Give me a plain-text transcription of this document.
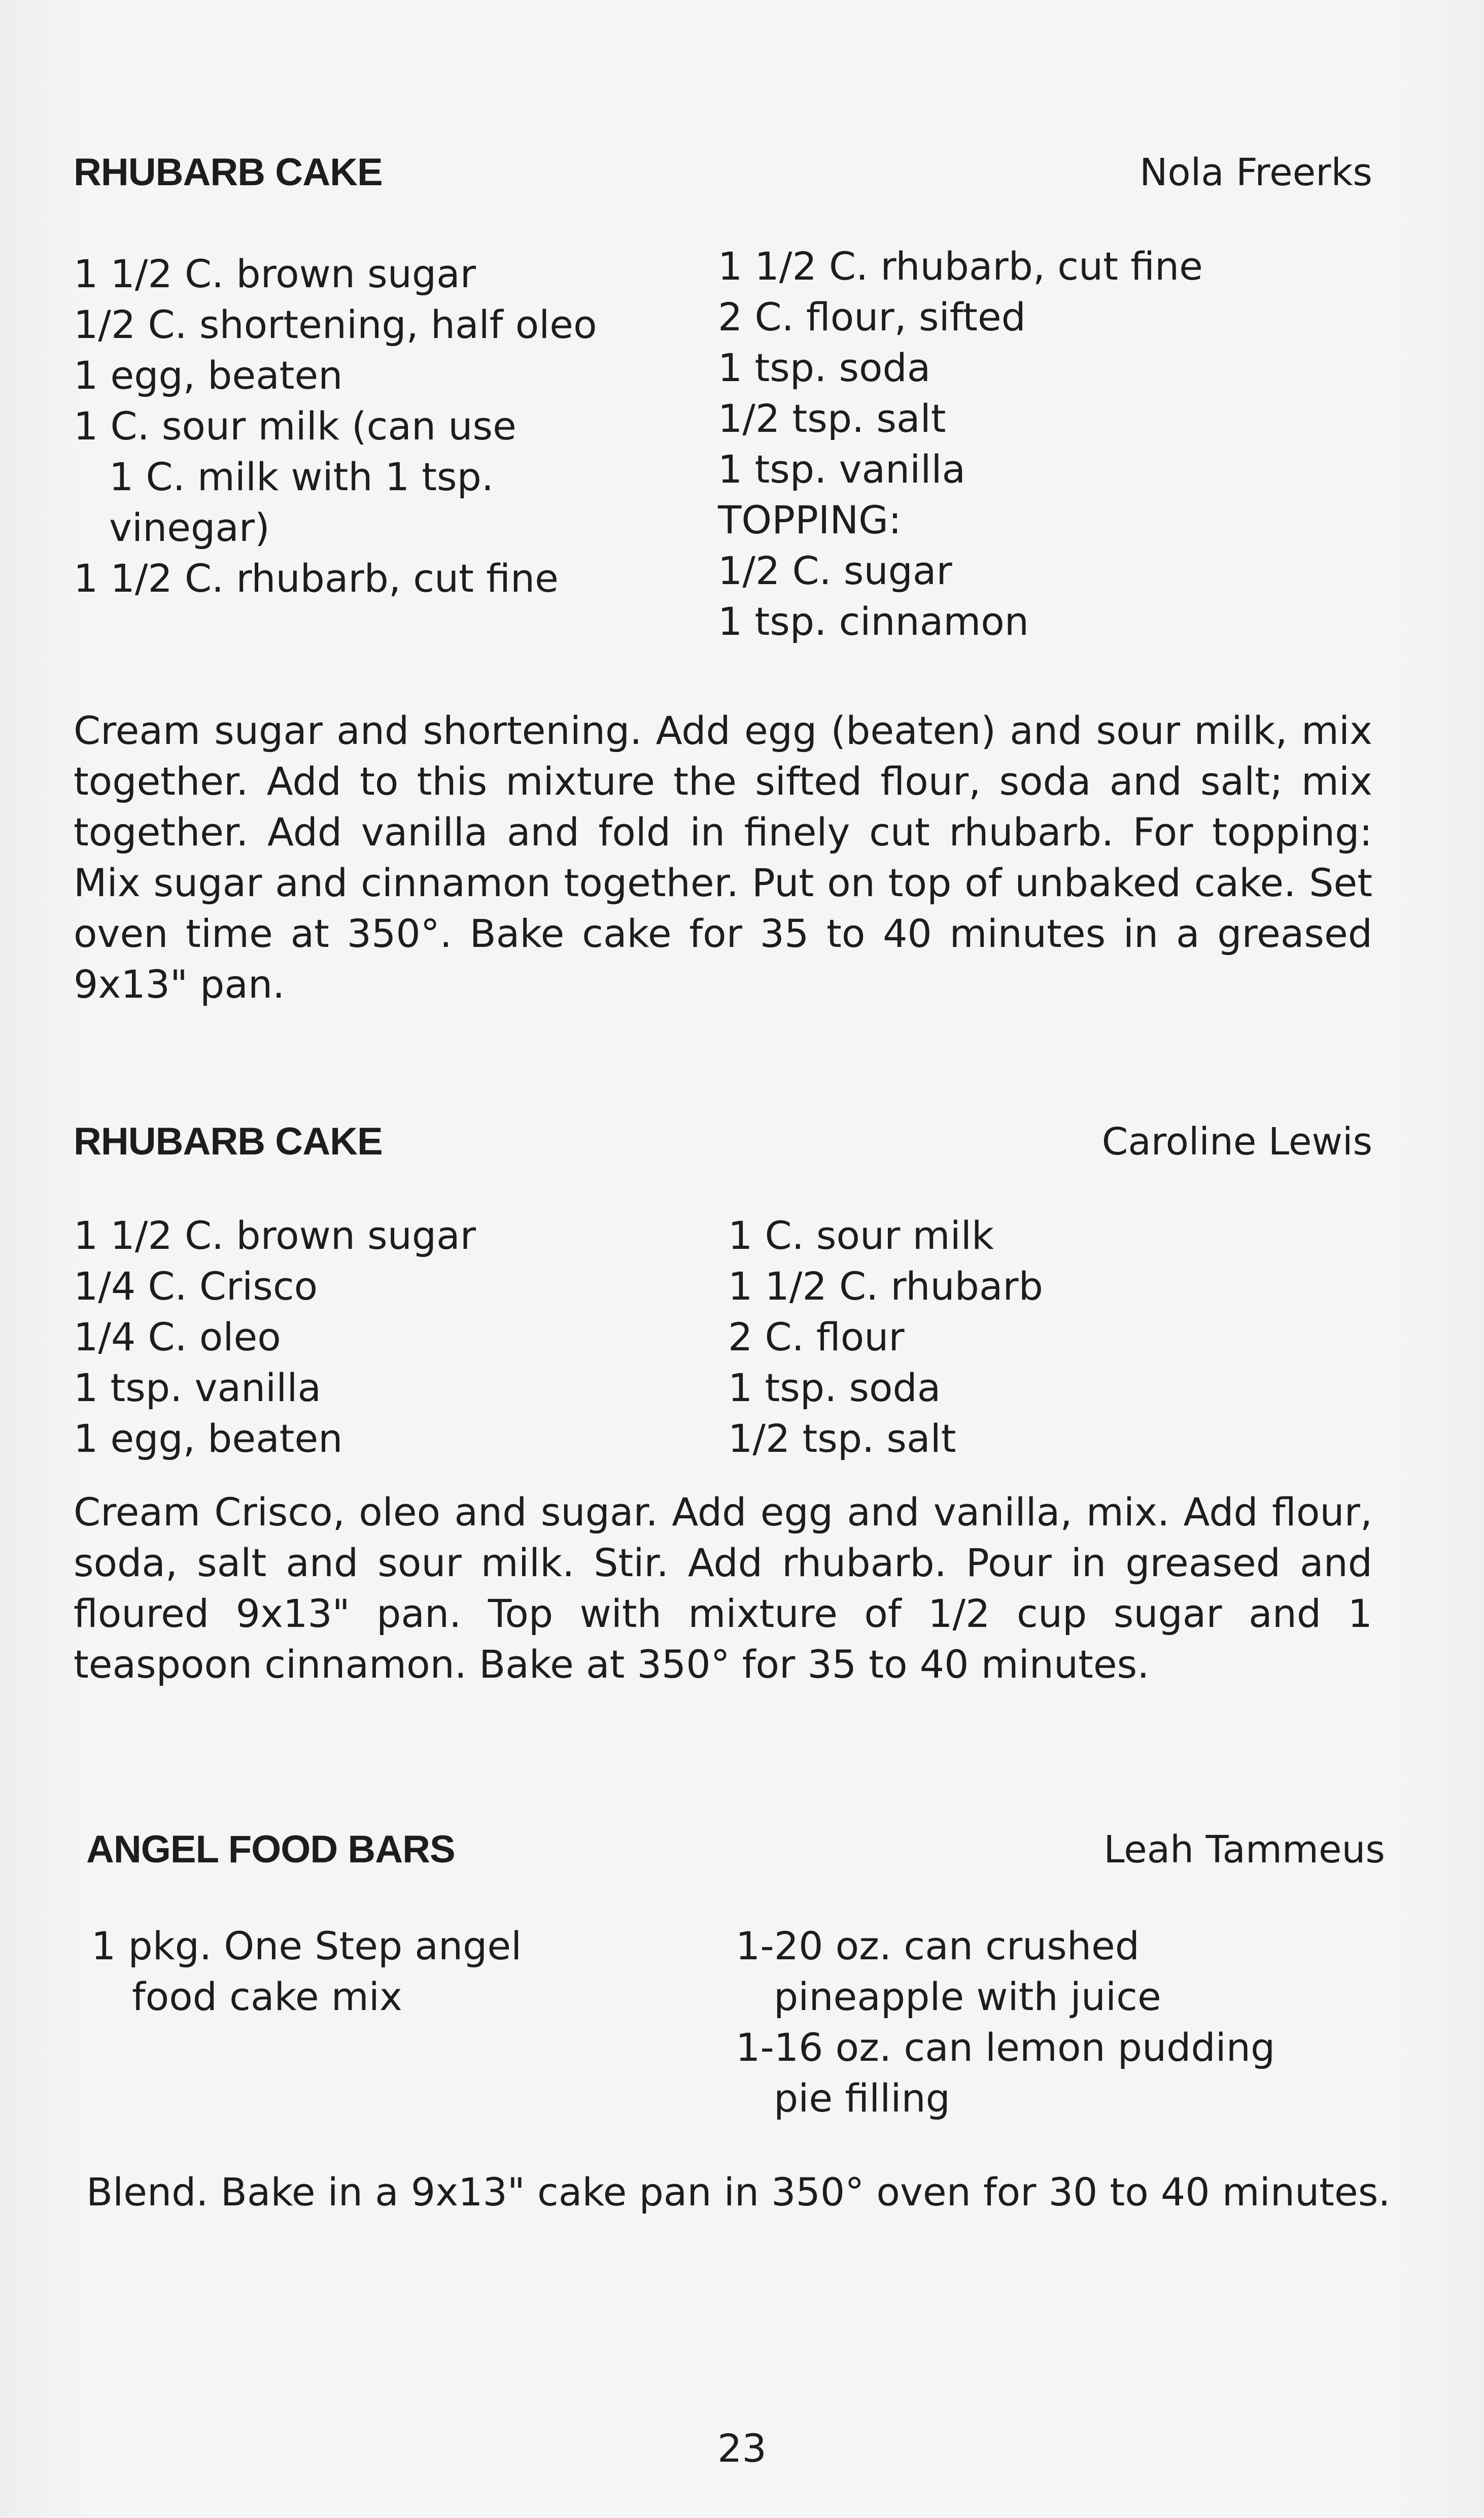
RHUBARB CAKE	Nola Freerks
1 1/2 C. brown sugar
1/2 C. shortening, half oleo
1 egg, beaten
1 C. sour milk (can use
1 C. milk with 1 tsp.
vinegar)
1 1/2 C. rhubarb, cut fine
1 1/2 C. rhubarb, cut fine
2 C. flour, sifted
1 tsp. soda
1/2 tsp. salt
1 tsp. vanilla
TOPPING:
1/2 C. sugar
1 tsp. cinnamon
Cream sugar and shortening. Add egg (beaten) and sour milk, mix together. Add to this mixture the sifted flour, soda and salt; mix together. Add vanilla and fold in finely cut rhubarb. For topping: Mix sugar and cinnamon together. Put on top of unbaked cake. Set oven time at 350°. Bake cake for 35 to 40 minutes in a greased 9x13" pan.
RHUBARB CAKE	Caroline Lewis
1 1/2 C. brown sugar
1/4 C. Crisco
1/4 C. oleo
1 tsp. vanilla
1 egg, beaten
1 C. sour milk
1 1/2 C. rhubarb
2 C. flour
1 tsp. soda
1/2 tsp. salt
Cream Crisco, oleo and sugar. Add egg and vanilla, mix. Add flour, soda, salt and sour milk. Stir. Add rhubarb. Pour in greased and floured 9x13" pan. Top with mixture of 1/2 cup sugar and 1 teaspoon cinnamon. Bake at 350° for 35 to 40 minutes.
ANGEL FOOD BARS	Leah Tammeus
1 pkg. One Step angel
food cake mix
1-20 oz. can crushed
pineapple with juice
1-16 oz. can lemon pudding
pie filling
Blend. Bake in a 9x13" cake pan in 350° oven for 30 to 40 minutes.
23
